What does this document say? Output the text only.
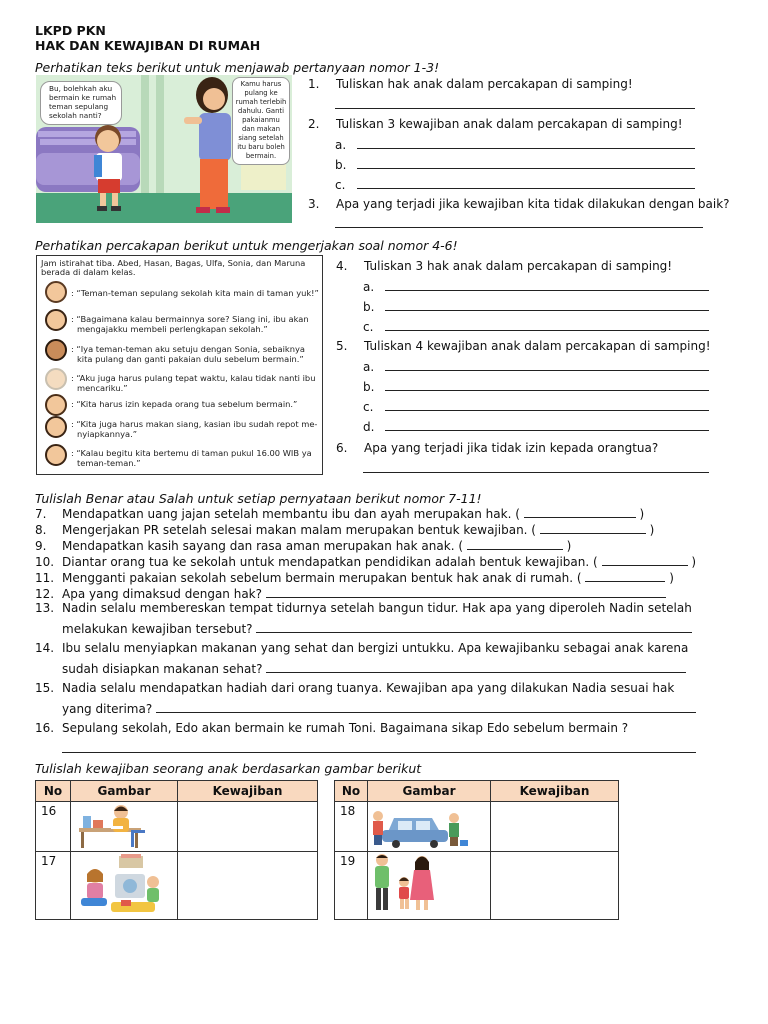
LKPD PKN
HAK DAN KEWAJIBAN DI RUMAH
Perhatikan teks berikut untuk menjawab pertanyaan nomor 1-3!
Bu, bolehkah aku
bermain ke rumah
teman sepulang
sekolah nanti?
Kamu harus
pulang ke
rumah terlebih
dahulu. Ganti
pakaianmu
dan makan
siang setelah
itu baru boleh
bermain.
1. Tuliskan hak anak dalam percakapan di samping!
2. Tuliskan 3 kewajiban anak dalam percakapan di samping!
a.
b.
c.
3. Apa yang terjadi jika kewajiban kita tidak dilakukan dengan baik?
Perhatikan percakapan berikut untuk mengerjakan soal nomor 4-6!
Jam istirahat tiba. Abed, Hasan, Bagas, Ulfa, Sonia, dan Maruna
berada di dalam kelas.
: “Teman-teman sepulang sekolah kita main di taman yuk!”
: “Bagaimana kalau bermainnya sore? Siang ini, ibu akan
mengajakku membeli perlengkapan sekolah.”
: “Iya teman-teman aku setuju dengan Sonia, sebaiknya
kita pulang dan ganti pakaian dulu sebelum bermain.”
: “Aku juga harus pulang tepat waktu, kalau tidak nanti ibu
mencariku.”
: “Kita harus izin kepada orang tua sebelum bermain.”
: “Kita juga harus makan siang, kasian ibu sudah repot me-
nyiapkannya.”
: “Kalau begitu kita bertemu di taman pukul 16.00 WIB ya
teman-teman.”
4. Tuliskan 3 hak anak dalam percakapan di samping!
a.
b.
c.
5. Tuliskan 4 kewajiban anak dalam percakapan di samping!
a.
b.
c.
d.
6. Apa yang terjadi jika tidak izin kepada orangtua?
Tulislah Benar atau Salah untuk setiap pernyataan berikut nomor 7-11!
7. Mendapatkan uang jajan setelah membantu ibu dan ayah merupakan hak. (	)
8. Mengerjakan PR setelah selesai makan malam merupakan bentuk kewajiban. (	)
9. Mendapatkan kasih sayang dan rasa aman merupakan hak anak. (	)
10. Diantar orang tua ke sekolah untuk mendapatkan pendidikan adalah bentuk kewajiban. (	)
11. Mengganti pakaian sekolah sebelum bermain merupakan bentuk hak anak di rumah. (	)
12. Apa yang dimaksud dengan hak?
13. Nadin selalu membereskan tempat tidurnya setelah bangun tidur. Hak apa yang diperoleh Nadin setelah
melakukan kewajiban tersebut?
14. Ibu selalu menyiapkan makanan yang sehat dan bergizi untukku. Apa kewajibanku sebagai anak karena
sudah disiapkan makanan sehat?
15. Nadia selalu mendapatkan hadiah dari orang tuanya. Kewajiban apa yang dilakukan Nadia sesuai hak
yang diterima?
16. Sepulang sekolah, Edo akan bermain ke rumah Toni. Bagaimana sikap Edo sebelum bermain ?
Tulislah kewajiban seorang anak berdasarkan gambar berikut
No	Gambar	Kewajiban
16		
17		
No	Gambar	Kewajiban
18		
19		
